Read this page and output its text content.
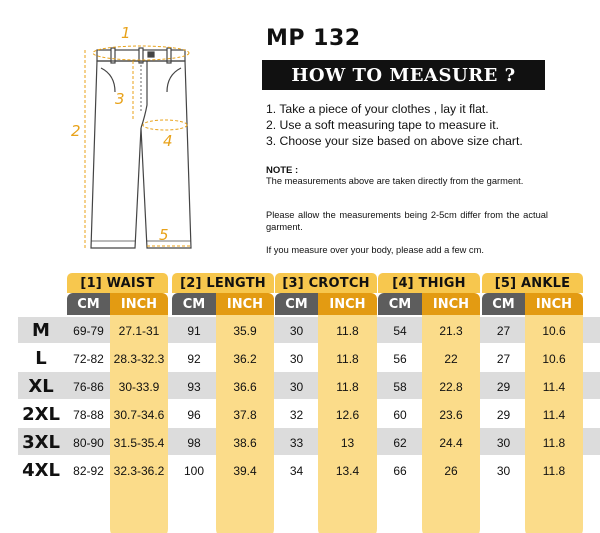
1
2
3
4
5
MP 132
HOW TO MEASURE ?
1. Take a piece of your clothes , lay it flat.
2. Use a soft measuring tape to measure it.
3. Choose your size based on above size chart.
NOTE :
The measurements above are taken directly from the garment.
Please allow the measurements being 2-5cm differ from the actual garment.
If you measure over your body, please add a few cm.
[1] WAIST
CM	INCH
[2] LENGTH
CM	INCH
[3] CROTCH
CM	INCH
[4] THIGH
CM	INCH
[5] ANKLE
CM	INCH
M	69-79	27.1-31	91	35.9	30	11.8	54	21.3	27	10.6
L	72-82 28.3-32.3	92	36.2	30	11.8	56	22	27	10.6
XL	76-86	30-33.9	93	36.6	30	11.8	58	22.8	29	11.4
2XL	78-88 30.7-34.6	96	37.8	32	12.6	60	23.6	29	11.4
3XL	80-90 31.5-35.4	98	38.6	33	13	62	24.4	30	11.8
4XL	82-92 32.3-36.2	100	39.4	34	13.4	66	26	30	11.8
